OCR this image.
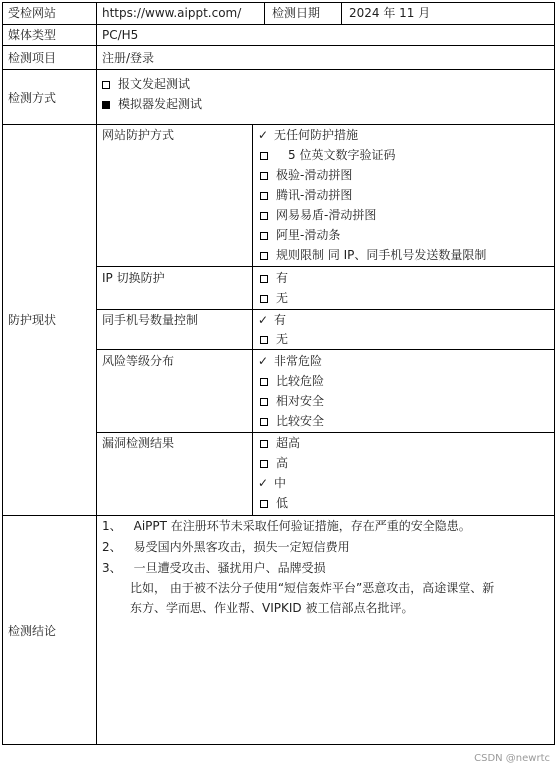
受检网站	https://www.aippt.com/	检测日期 2024 年 11 月
媒体类型	PC/H5
检测项目	注册/登录
检测方式
报文发起测试
模拟器发起测试
防护现状
网站防护方式	✓ 无任何防护措施
5 位英文数字验证码
极验-滑动拼图
腾讯-滑动拼图
网易易盾-滑动拼图
阿里-滑动条
规则限制 同 IP、同手机号发送数量限制
IP 切换防护	有
无
同手机号数量控制	✓ 有
无
风险等级分布	✓ 非常危险
比较危险
相对安全
比较安全
漏洞检测结果	超高
高
✓ 中
低
检测结论
1、 AiPPT 在注册环节未采取任何验证措施，存在严重的安全隐患。
2、 易受国内外黑客攻击，损失一定短信费用
3、 一旦遭受攻击、骚扰用户、品牌受损
比如， 由于被不法分子使用“短信轰炸平台”恶意攻击，高途课堂、新
东方、学而思、作业帮、VIPKID 被工信部点名批评。
CSDN @newrtc
